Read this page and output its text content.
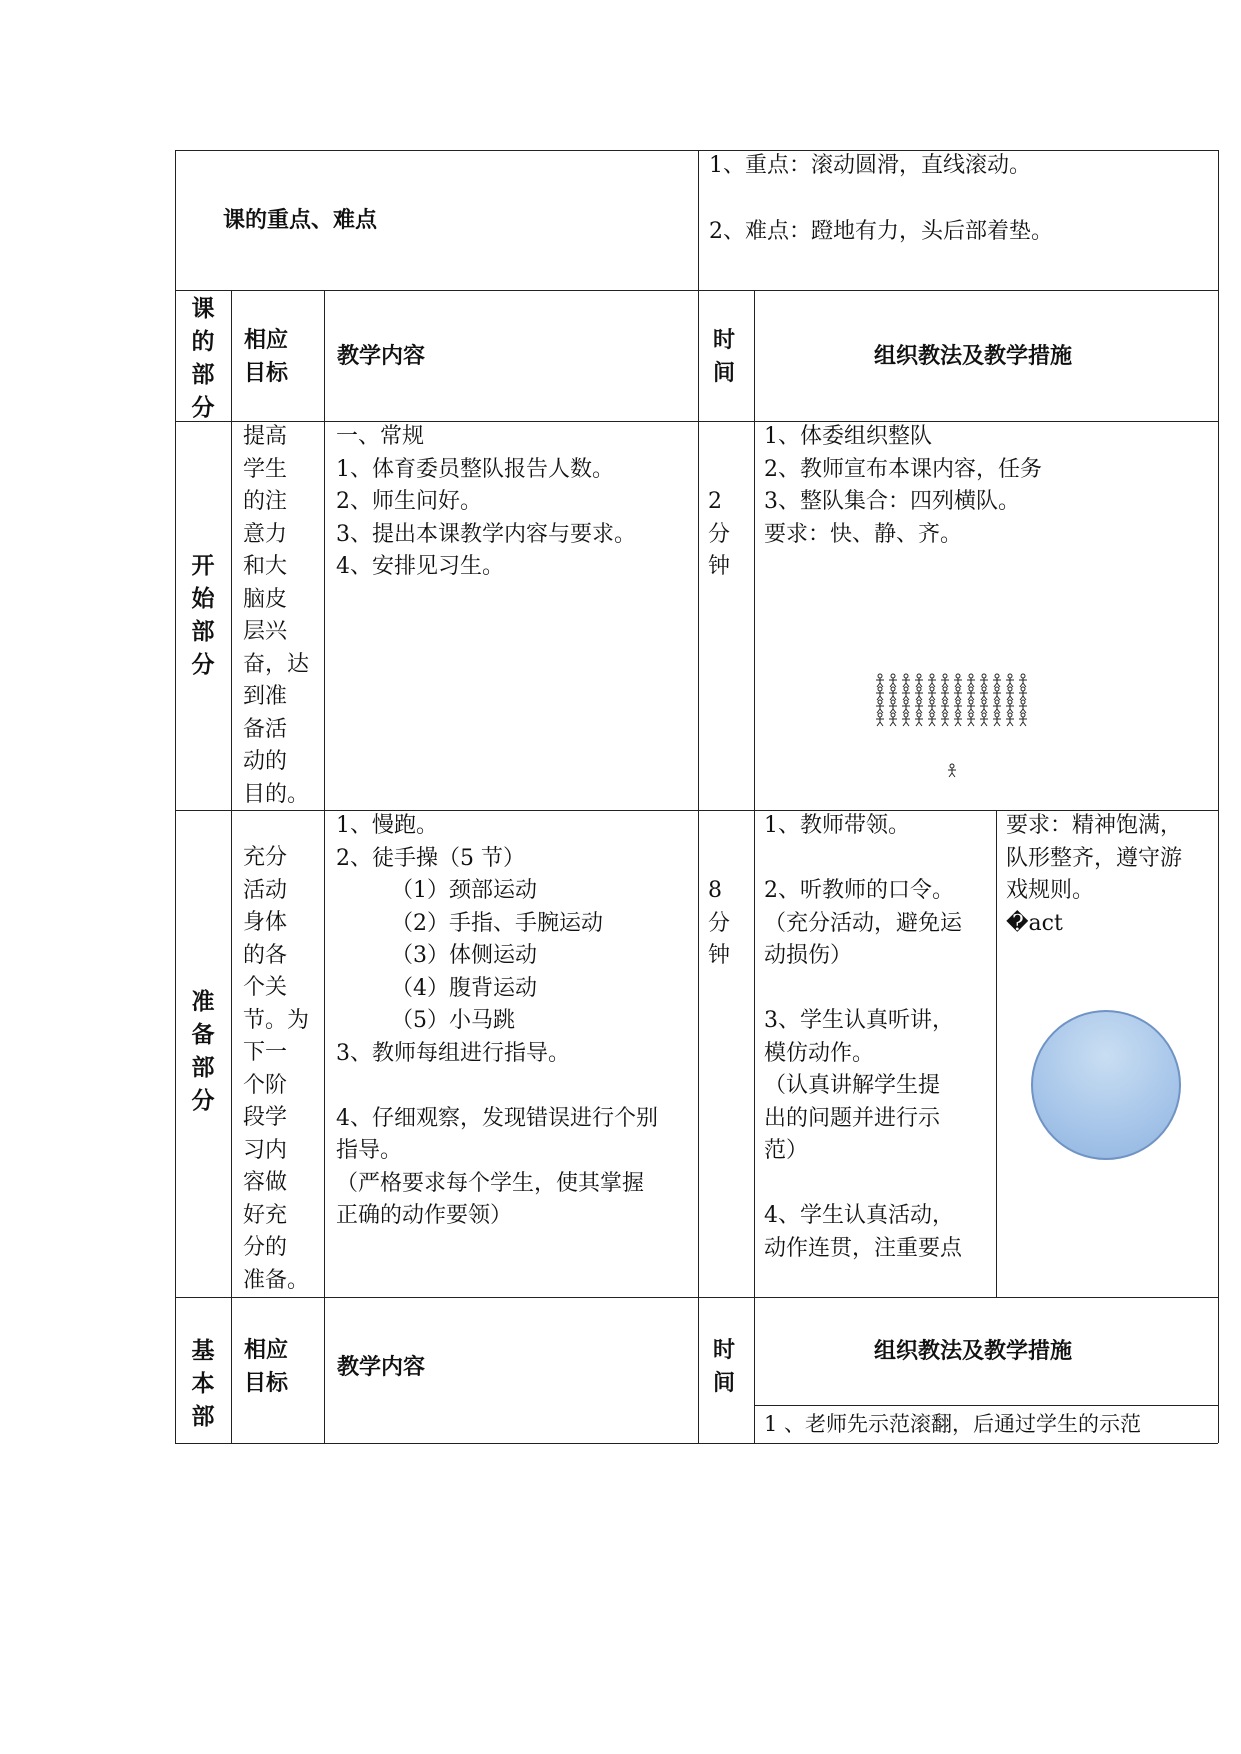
课的重点、难点
1、重点：滚动圆滑，直线滚动。
2、难点：蹬地有力，头后部着垫。
课
的
部
分
相应
目标
教学内容
时
间
组织教法及教学措施
开
始
部
分
提高
学生
的注
意力
和大
脑皮
层兴
奋，达
到准
备活
动的
目的。
一、常规
1、体育委员整队报告人数。
2、师生问好。
3、提出本课教学内容与要求。
4、安排见习生。
2
分
钟
1、体委组织整队
2、教师宣布本课内容，任务
3、整队集合：四列横队。
要求：快、静、齐。
准
备
部
分
充分
活动
身体
的各
个关
节。为
下一
个阶
段学
习内
容做
好充
分的
准备。
1、慢跑。
2、徒手操（5 节）
（1）颈部运动
（2）手指、手腕运动
（3）体侧运动
（4）腹背运动
（5）小马跳
3、教师每组进行指导。
4、仔细观察，发现错误进行个别
指导。
（严格要求每个学生，使其掌握
正确的动作要领）
8
分
钟
1、教师带领。
2、听教师的口令。
（充分活动，避免运
动损伤）
3、学生认真听讲，
模仿动作。
（认真讲解学生提
出的问题并进行示
范）
4、学生认真活动，
动作连贯，注重要点
要求：精神饱满，
队形整齐，遵守游
戏规则。
�act
基
本
部
相应
目标
教学内容
时
间
组织教法及教学措施
1 、老师先示范滚翻，后通过学生的示范
